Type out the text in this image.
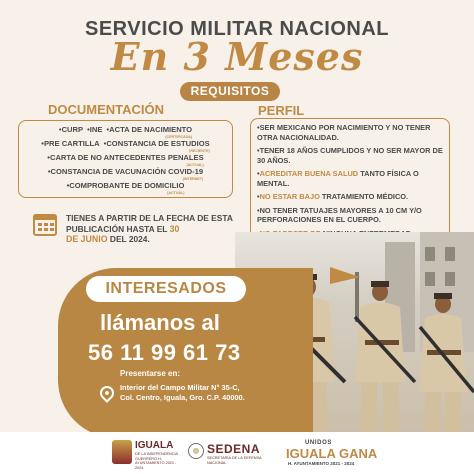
SERVICIO MILITAR NACIONAL
En 3 Meses
REQUISITOS
DOCUMENTACIÓN	PERFIL
•CURP •INE •ACTA DE NACIMIENTO
(CERTIFICADA)
•PRE CARTILLA •CONSTANCIA DE ESTUDIOS
(RECIENTE)
•CARTA DE NO ANTECEDENTES PENALES
(ACTUAL)
•CONSTANCIA DE VACUNACIÓN COVID-19
(INTERNET)
•COMPROBANTE DE DOMICILIO
(ACTUAL)

•SER MEXICANO POR NACIMIENTO Y NO TENER OTRA NACIONALIDAD.

•TENER 18 AÑOS CUMPLIDOS Y NO SER MAYOR DE 30 AÑOS.

•ACREDITAR BUENA SALUD TANTO FÍSICA O MENTAL.

•NO ESTAR BAJO TRATAMIENTO MÉDICO.

•NO TENER TATUAJES MAYORES A 10 CM Y/O PERFORACIONES EN EL CUERPO.

TIENES A PARTIR DE LA FECHA DE ESTA PUBLICACIÓN HASTA EL 30
DE JUNIO DEL 2024.
INTERESADOS
llámanos al
56 11 99 61 73
Presentarse en:
Interior del Campo Militar N° 35-C, Col. Centro, Iguala, Gro. C.P. 40000.
IGUALA
DE LA INDEPENDENCIA GUERRERO H. AYUNTAMIENTO 2021 - 2024
SEDENA
SECRETARÍA DE LA DEFENSA NACIONAL
UNIDOS
IGUALA GANA
H. AYUNTAMIENTO 2021 - 2024
